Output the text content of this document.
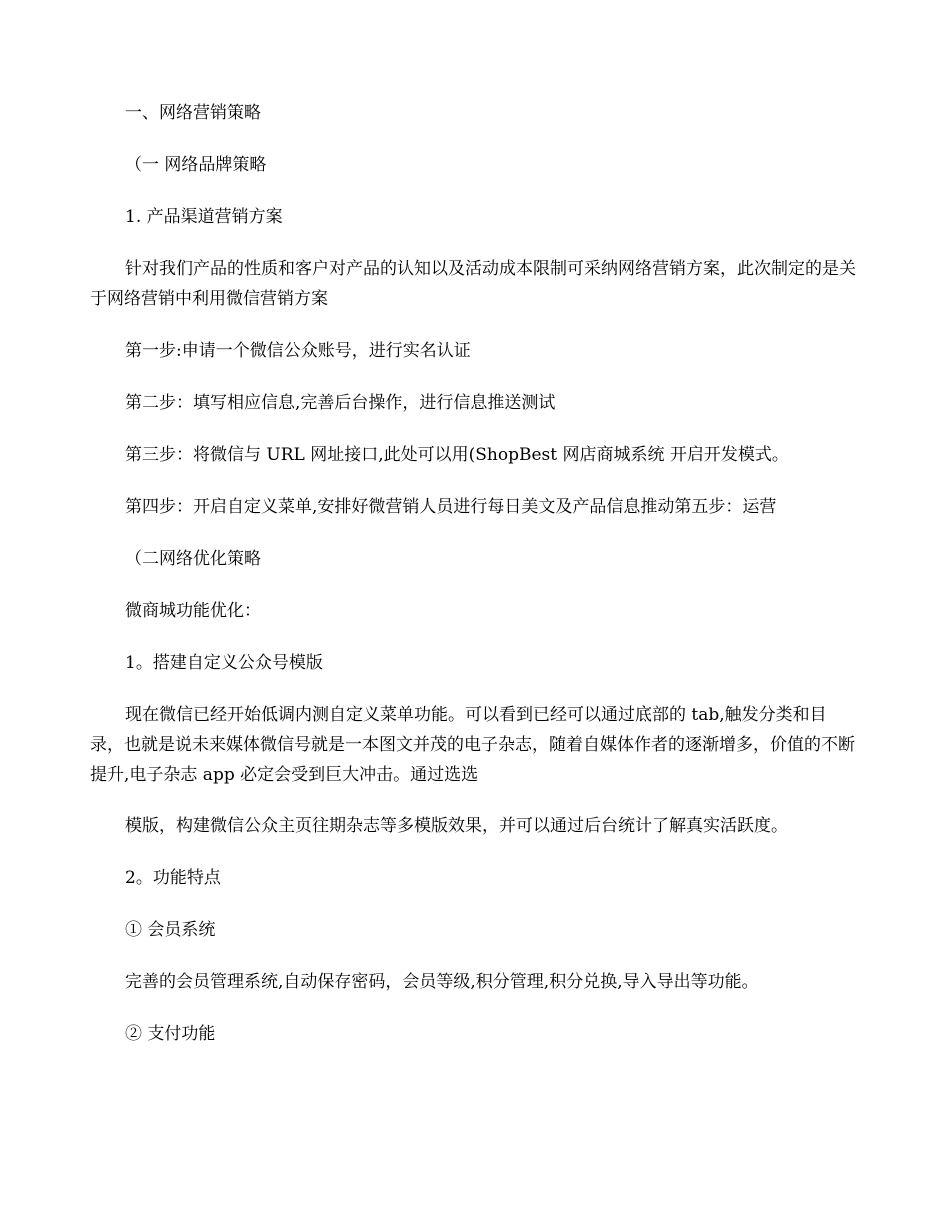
一、网络营销策略

（一 网络品牌策略

1. 产品渠道营销方案

针对我们产品的性质和客户对产品的认知以及活动成本限制可采纳网络营销方案，此次制定的是关于网络营销中利用微信营销方案

第一步:申请一个微信公众账号，进行实名认证

第二步：填写相应信息,完善后台操作，进行信息推送测试

第三步：将微信与 URL 网址接口,此处可以用(ShopBest 网店商城系统 开启开发模式。

第四步：开启自定义菜单,安排好微营销人员进行每日美文及产品信息推动第五步：运营

（二网络优化策略

微商城功能优化：

1。搭建自定义公众号模版

现在微信已经开始低调内测自定义菜单功能。可以看到已经可以通过底部的 tab,触发分类和目录，也就是说未来媒体微信号就是一本图文并茂的电子杂志，随着自媒体作者的逐渐增多，价值的不断提升,电子杂志 app 必定会受到巨大冲击。通过选选

模版，构建微信公众主页往期杂志等多模版效果，并可以通过后台统计了解真实活跃度。

2。功能特点

① 会员系统

完善的会员管理系统,自动保存密码，会员等级,积分管理,积分兑换,导入导出等功能。

② 支付功能
